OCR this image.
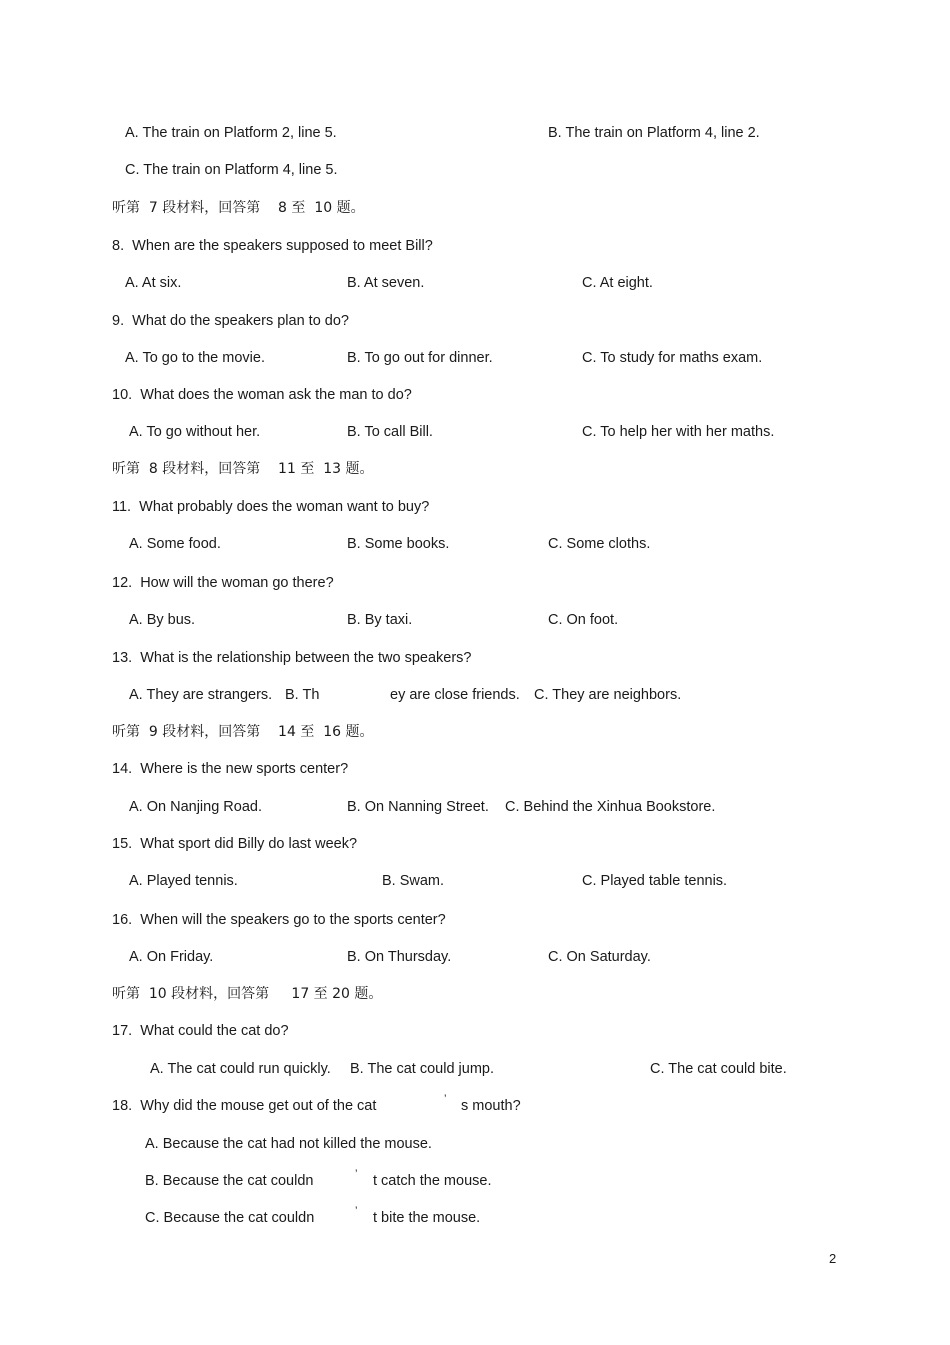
A. The train on Platform 2, line 5.	B. The train on Platform 4, line 2.
C. The train on Platform 4, line 5.
听第  7 段材料，回答第    8 至  10 题。
8.  When are the speakers supposed to meet Bill?
A. At six.	B. At seven.	C. At eight.
9.  What do the speakers plan to do?
A. To go to the movie.	B. To go out for dinner.	C. To study for maths exam.
10.  What does the woman ask the man to do?
A. To go without her.	B. To call Bill.	C. To help her with her maths.
听第  8 段材料，回答第    11 至  13 题。
11.  What probably does the woman want to buy?
A. Some food.	B. Some books.	C. Some cloths.
12.  How will the woman go there?
A. By bus.	B. By taxi.	C. On foot.
13.  What is the relationship between the two speakers?
A. They are strangers. B. Th	ey are close friends. C. They are neighbors.
听第  9 段材料，回答第    14 至  16 题。
14.  Where is the new sports center?
A. On Nanjing Road.	B. On Nanning Street. C. Behind the Xinhua Bookstore.
15.  What sport did Billy do last week?
A. Played tennis.	B. Swam.	C. Played table tennis.
16.  When will the speakers go to the sports center?
A. On Friday.	B. On Thursday.	C. On Saturday.
听第  10 段材料，回答第     17 至 20 题。
17.  What could the cat do?
A. The cat could run quickly. B. The cat could jump.	C. The cat could bite.
18.  Why did the mouse get out of the cat	’ s mouth?
A. Because the cat had not killed the mouse.
B. Because the cat couldn	’ t catch the mouse.
C. Because the cat couldn	’ t bite the mouse.
2
